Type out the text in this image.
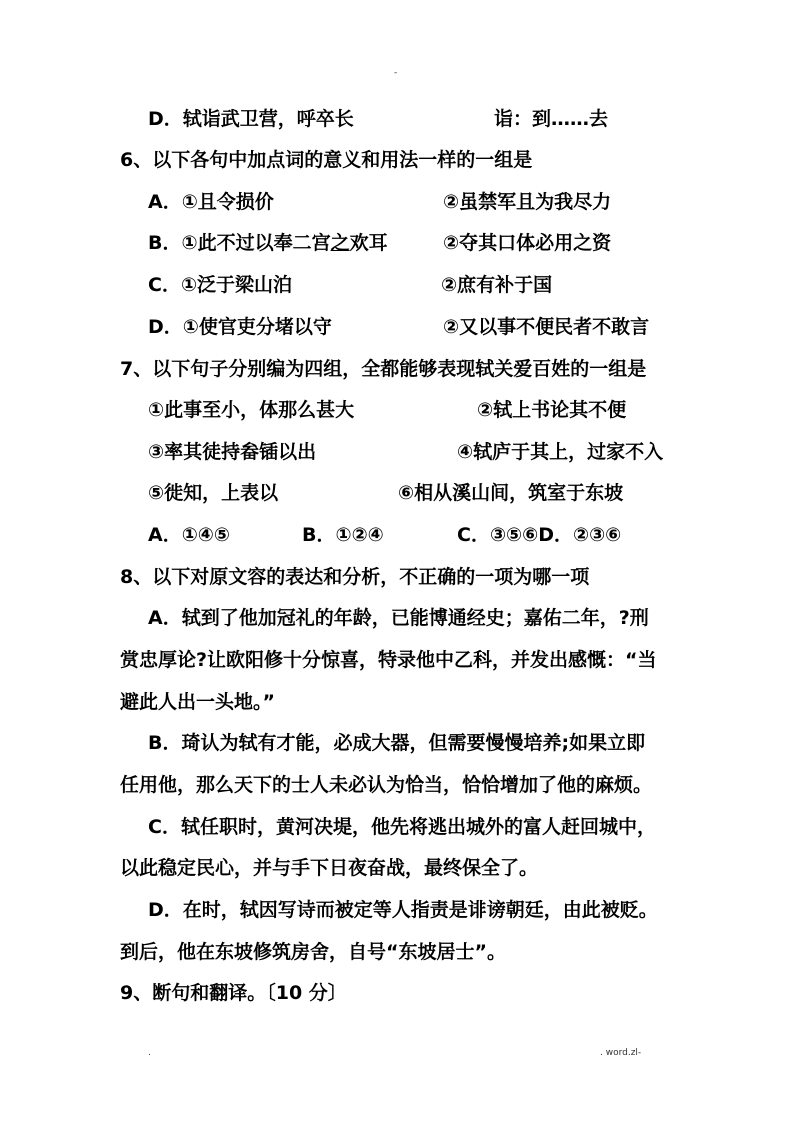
-
D．轼诣武卫营，呼卒长	诣：到……去
6、以下各句中加点词的意义和用法一样的一组是
A．①且令损价	②虽禁军且为我尽力
B．①此不过以奉二宫之欢耳	②夺其口体必用之资
C．①泛于梁山泊	②庶有补于国
D．①使官吏分堵以守	②又以事不便民者不敢言
7、以下句子分别编为四组，全都能够表现轼关爱百姓的一组是
①此事至小，体那么甚大	②轼上书论其不便
③率其徒持畚锸以出	④轼庐于其上，过家不入
⑤徙知，上表以	⑥相从溪山间，筑室于东坡
A．①④⑤	B．①②④	C．③⑤⑥D．②③⑥
8、以下对原文容的表达和分析，不正确的一项为哪一项
A．轼到了他加冠礼的年龄，已能博通经史；嘉佑二年，?刑
赏忠厚论?让欧阳修十分惊喜，特录他中乙科，并发出感慨：“当
避此人出一头地。”
B．琦认为轼有才能，必成大器，但需要慢慢培养;如果立即
任用他，那么天下的士人未必认为恰当，恰恰增加了他的麻烦。
C．轼任职时，黄河决堤，他先将逃出城外的富人赶回城中，
以此稳定民心，并与手下日夜奋战，最终保全了。
D．在时，轼因写诗而被定等人指责是诽谤朝廷，由此被贬。
到后，他在东坡修筑房舍，自号“东坡居士”。
9、断句和翻译。〔10 分〕
.	. word.zl-
